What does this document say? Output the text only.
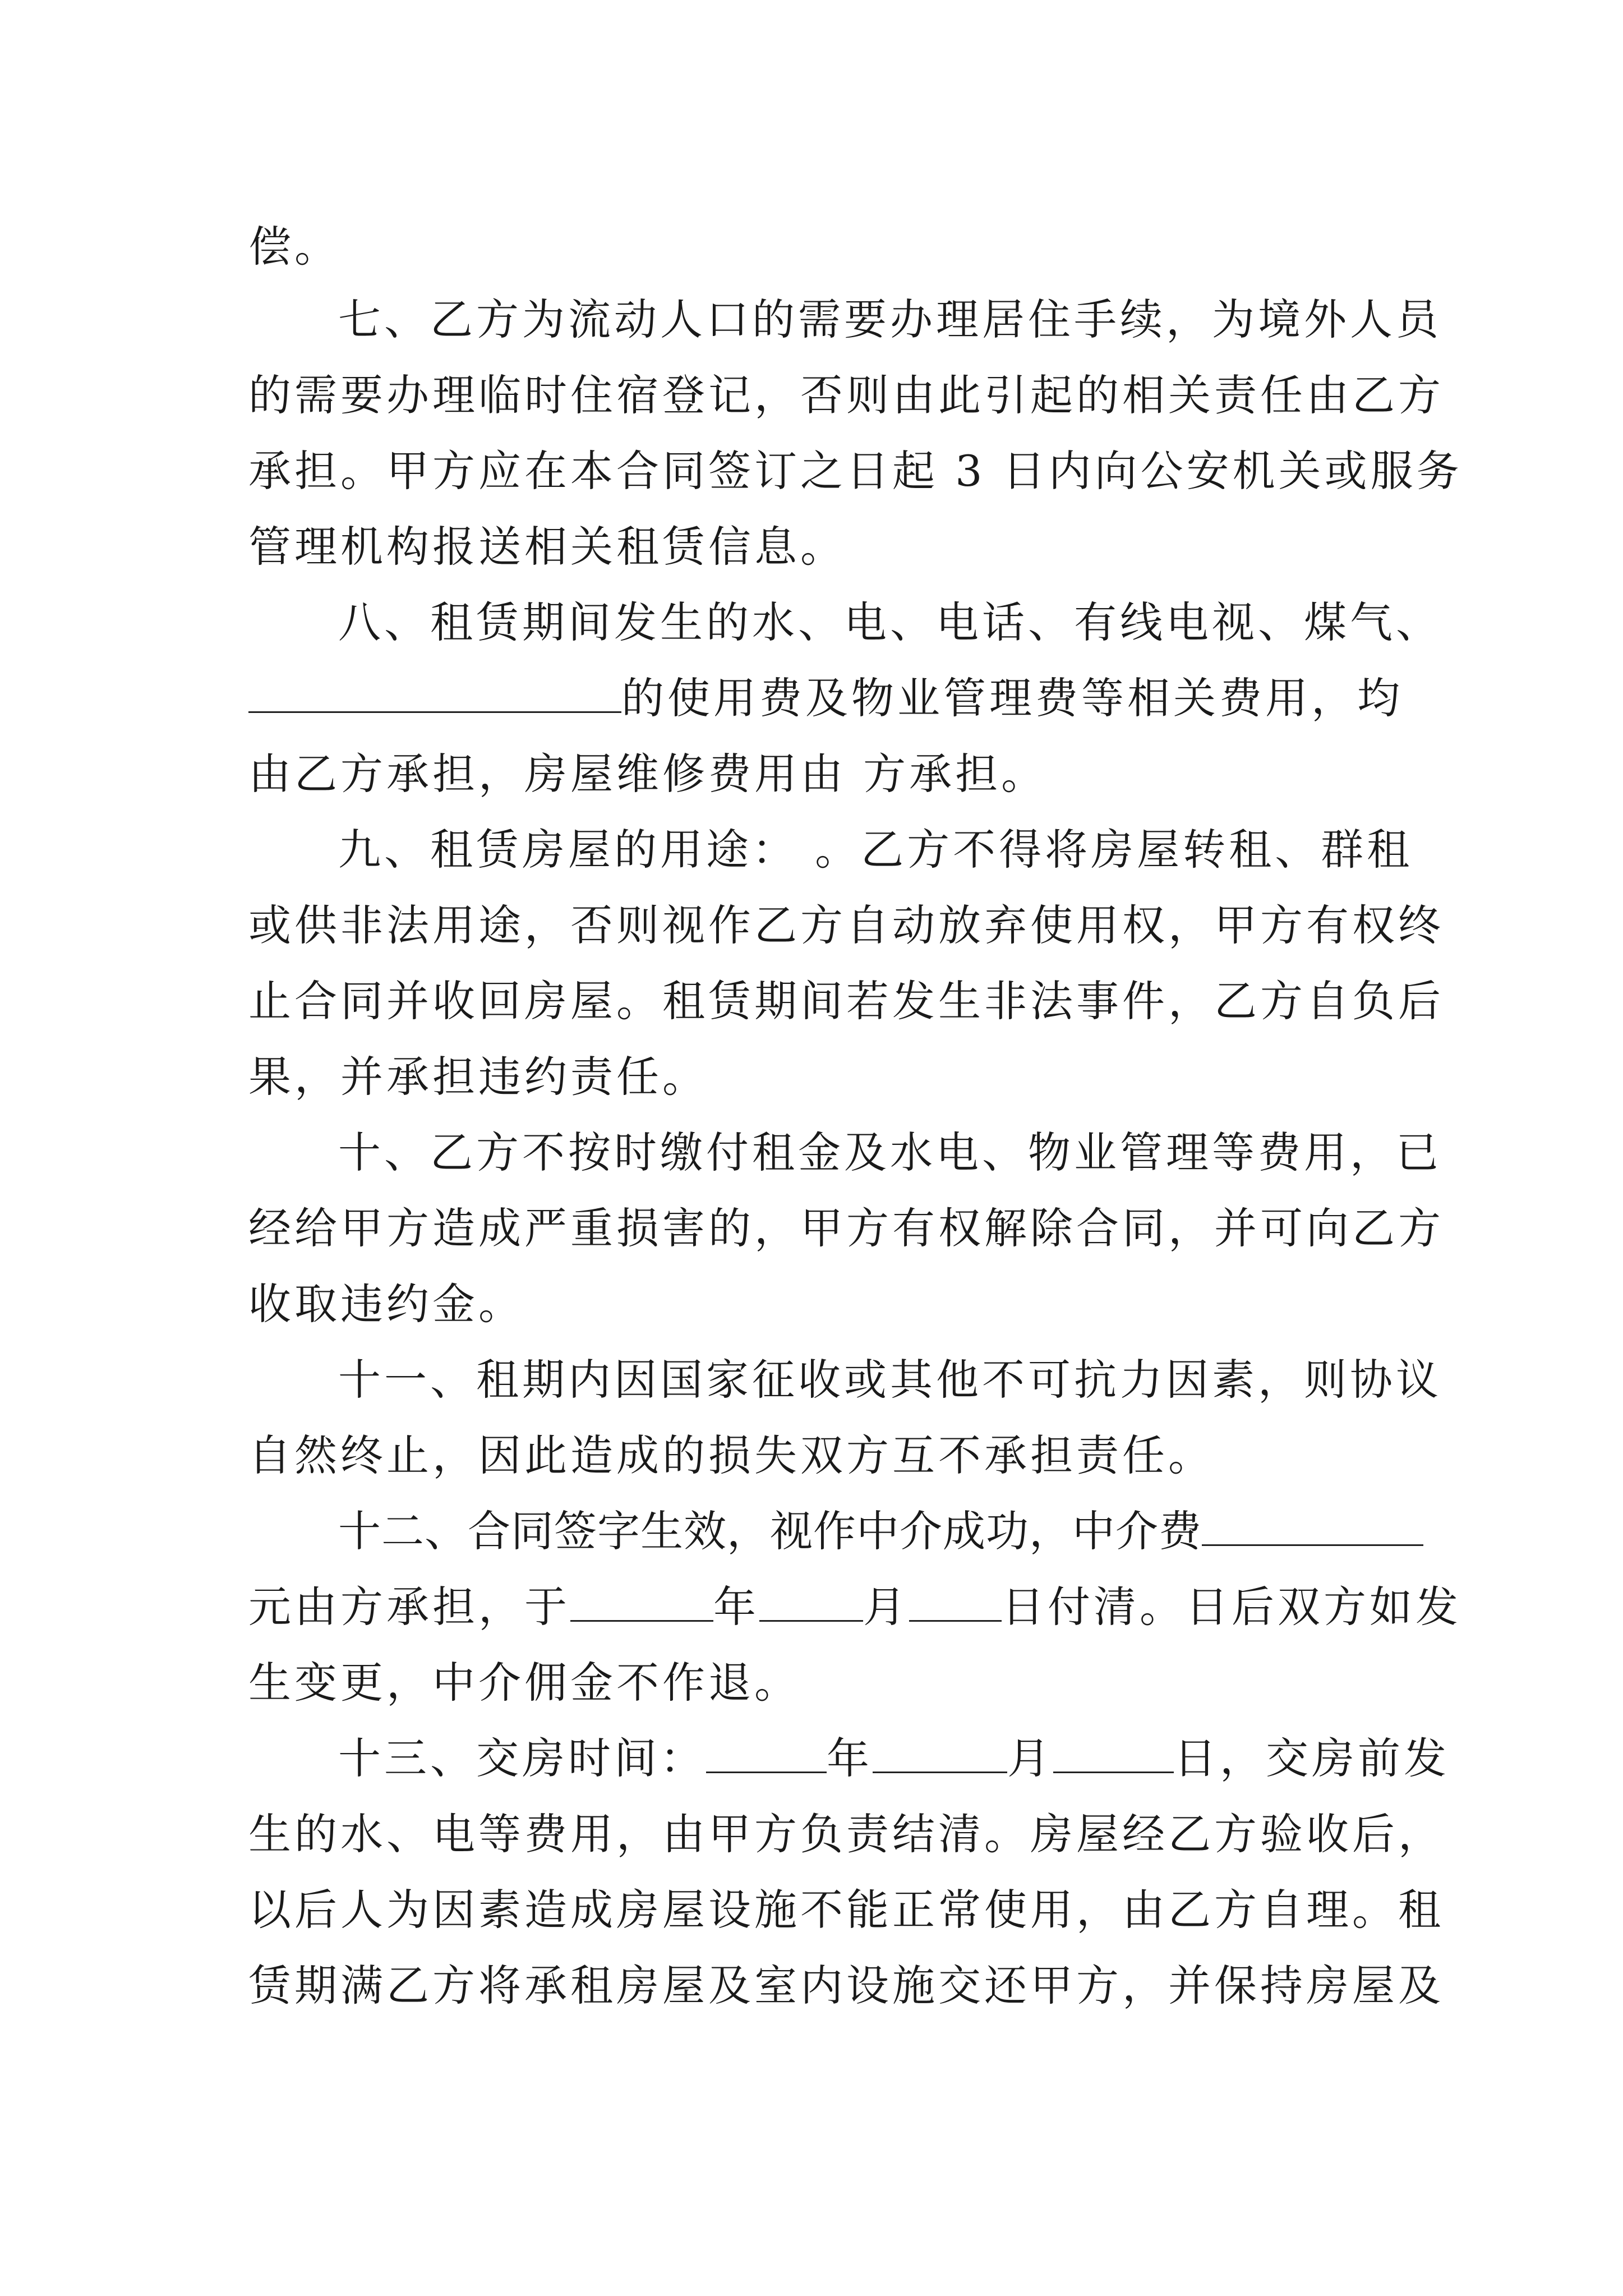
偿。
七、乙方为流动人口的需要办理居住手续，为境外人员
的需要办理临时住宿登记，否则由此引起的相关责任由乙方
承担。甲方应在本合同签订之日起 3 日内向公安机关或服务
管理机构报送相关租赁信息。
八、租赁期间发生的水、电、电话、有线电视、煤气、
的使用费及物业管理费等相关费用，均
由乙方承担，房屋维修费用由 方承担。
九、租赁房屋的用途： 。乙方不得将房屋转租、群租
或供非法用途，否则视作乙方自动放弃使用权，甲方有权终
止合同并收回房屋。租赁期间若发生非法事件，乙方自负后
果，并承担违约责任。
十、乙方不按时缴付租金及水电、物业管理等费用，已
经给甲方造成严重损害的，甲方有权解除合同，并可向乙方
收取违约金。
十一、租期内因国家征收或其他不可抗力因素，则协议
自然终止，因此造成的损失双方互不承担责任。
十二、合同签字生效，视作中介成功，中介费
元由方承担，于	年 月 日付清。日后双方如发
生变更，中介佣金不作退。
十三、交房时间：	年	月	日，交房前发
生的水、电等费用，由甲方负责结清。房屋经乙方验收后，
以后人为因素造成房屋设施不能正常使用，由乙方自理。租
赁期满乙方将承租房屋及室内设施交还甲方，并保持房屋及
